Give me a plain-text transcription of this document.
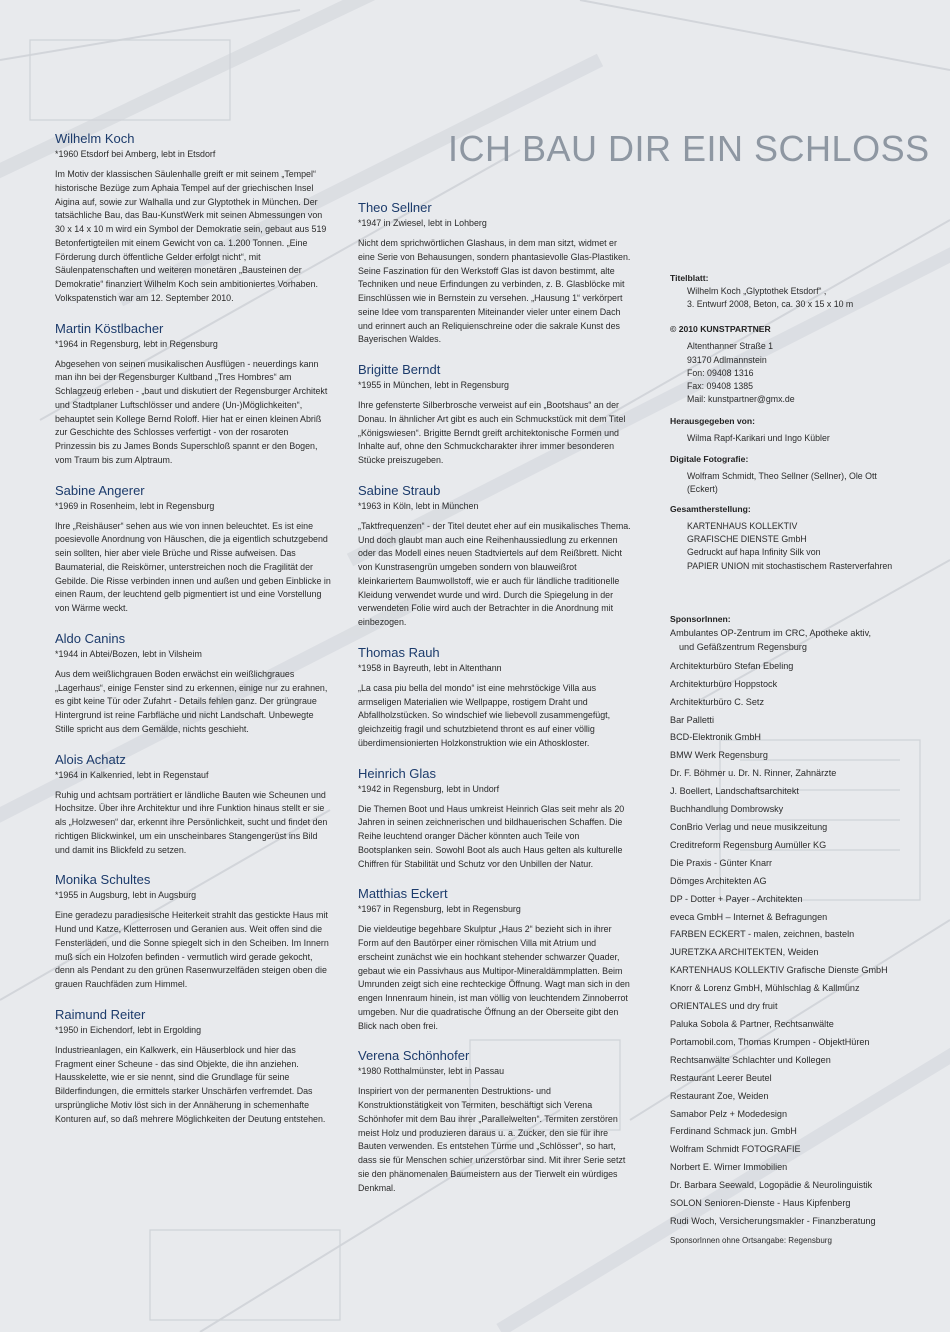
ICH BAU DIR EIN SCHLOSS

Wilhelm Koch

*1960 Etsdorf bei Amberg, lebt in Etsdorf

Im Motiv der klassischen Säulenhalle greift er mit seinem „Tempel“ historische Bezüge zum Aphaia Tempel auf der griechischen Insel Aigina auf, sowie zur Walhalla und zur Glyptothek in München. Der tatsächliche Bau, das Bau-KunstWerk mit seinen Abmessungen von 30 x 14 x 10 m wird ein Symbol der Demokratie sein, gebaut aus 519 Betonfertigteilen mit einem Gewicht von ca. 1.200 Tonnen. „Eine Förderung durch öffentliche Gelder erfolgt nicht“, mit Säulenpatenschaften und weiteren monetären „Bausteinen der Demokratie“ finanziert Wilhelm Koch sein ambitioniertes Vorhaben. Volkspatenstich war am 12. September 2010.

Martin Köstlbacher

*1964 in Regensburg, lebt in Regensburg

Abgesehen von seinen musikalischen Ausflügen - neuerdings kann man ihn bei der Regensburger Kultband „Tres Hombres“ am Schlagzeug erleben - „baut und diskutiert der Regensburger Architekt und Stadtplaner Luftschlösser und andere (Un-)Möglichkeiten“, behauptet sein Kollege Bernd Roloff. Hier hat er einen kleinen Abriß zur Geschichte des Schlosses verfertigt - von der rosaroten Prinzessin bis zu James Bonds Superschloß spannt er den Bogen, vom Traum bis zum Alptraum.

Sabine Angerer

*1969 in Rosenheim, lebt in Regensburg

Ihre „Reishäuser“ sehen aus wie von innen beleuchtet. Es ist eine poesievolle Anordnung von Häuschen, die ja eigentlich schutzgebend sein sollten, hier aber viele Brüche und Risse aufweisen. Das Baumaterial, die Reiskörner, unterstreichen noch die Fragilität der Gebilde. Die Risse verbinden innen und außen und geben Einblicke in einen Raum, der leuchtend gelb pigmentiert ist und eine Vorstellung von Wärme weckt.

Aldo Canins

*1944 in Abtei/Bozen, lebt in Vilsheim

Aus dem weißlichgrauen Boden erwächst ein weißlichgraues „Lagerhaus“, einige Fenster sind zu erkennen, einige nur zu erahnen, es gibt keine Tür oder Zufahrt - Details fehlen ganz. Der grüngraue Hintergrund ist reine Farbfläche und nicht Landschaft. Unbewegte Stille spricht aus dem Gemälde, nichts geschieht.

Alois Achatz

*1964 in Kalkenried, lebt in Regenstauf

Ruhig und achtsam porträtiert er ländliche Bauten wie Scheunen und Hochsitze. Über ihre Architektur und ihre Funktion hinaus stellt er sie als „Holzwesen“ dar, erkennt ihre Persönlichkeit, sucht und findet den richtigen Blickwinkel, um ein unscheinbares Stangengerüst ins Bild und damit ins Blickfeld zu setzen.

Monika Schultes

*1955 in Augsburg, lebt in Augsburg

Eine geradezu paradiesische Heiterkeit strahlt das gestickte Haus mit Hund und Katze, Kletterrosen und Geranien aus. Weit offen sind die Fensterläden, und die Sonne spiegelt sich in den Scheiben. Im Innern muß sich ein Holzofen befinden - vermutlich wird gerade gekocht, denn als Pendant zu den grünen Rasenwurzelfäden steigen oben die grauen Rauchfäden zum Himmel.

Raimund Reiter

*1950 in Eichendorf, lebt in Ergolding

Industrieanlagen, ein Kalkwerk, ein Häuserblock und hier das Fragment einer Scheune - das sind Objekte, die ihn anziehen. Hausskelette, wie er sie nennt, sind die Grundlage für seine Bilderfindungen, die ermittels starker Unschärfen verfremdet. Das ursprüngliche Motiv löst sich in der Annäherung in schemenhafte Konturen auf, so daß mehrere Möglichkeiten der Deutung entstehen.

Theo Sellner

*1947 in Zwiesel, lebt in Lohberg

Nicht dem sprichwörtlichen Glashaus, in dem man sitzt, widmet er eine Serie von Behausungen, sondern phantasievolle Glas-Plastiken. Seine Faszination für den Werkstoff Glas ist davon bestimmt, alte Techniken und neue Erfindungen zu verbinden, z. B. Glasblöcke mit Einschlüssen wie in Bernstein zu versehen. „Hausung 1“ verkörpert seine Idee vom transparenten Miteinander vieler unter einem Dach und erinnert auch an Reliquienschreine oder die sakrale Kunst des Bayerischen Waldes.

Brigitte Berndt

*1955 in München, lebt in Regensburg

Ihre gefensterte Silberbrosche verweist auf ein „Bootshaus“ an der Donau. In ähnlicher Art gibt es auch ein Schmuckstück mit dem Titel „Königswiesen“. Brigitte Berndt greift architektonische Formen und Inhalte auf, ohne den Schmuckcharakter ihrer immer besonderen Stücke preiszugeben.

Sabine Straub

*1963 in Köln, lebt in München

„Taktfrequenzen“ - der Titel deutet eher auf ein musikalisches Thema. Und doch glaubt man auch eine Reihenhaussiedlung zu erkennen oder das Modell eines neuen Stadtviertels auf dem Reißbrett. Nicht von Kunstrasengrün umgeben sondern von blauweißrot kleinkariertem Baumwollstoff, wie er auch für ländliche traditionelle Kleidung verwendet wurde und wird. Durch die Spiegelung in der verwendeten Folie wird auch der Betrachter in die Anordnung mit einbezogen.

Thomas Rauh

*1958 in Bayreuth, lebt in Altenthann

„La casa piu bella del mondo“ ist eine mehrstöckige Villa aus armseligen Materialien wie Wellpappe, rostigem Draht und Abfallholzstücken. So windschief wie liebevoll zusammengefügt, gleichzeitig fragil und schutzbietend thront es auf einer völlig überdimensionierten Holzkonstruktion wie ein Athoskloster.

Heinrich Glas

*1942 in Regensburg, lebt in Undorf

Die Themen Boot und Haus umkreist Heinrich Glas seit mehr als 20 Jahren in seinen zeichnerischen und bildhauerischen Schaffen. Die Reihe leuchtend oranger Dächer könnten auch Teile von Bootsplanken sein. Sowohl Boot als auch Haus gelten als kulturelle Chiffren für Stabilität und Schutz vor den Unbillen der Natur.

Matthias Eckert

*1967 in Regensburg, lebt in Regensburg

Die vieldeutige begehbare Skulptur „Haus 2“ bezieht sich in ihrer Form auf den Bautörper einer römischen Villa mit Atrium und erscheint zunächst wie ein hochkant stehender schwarzer Quader, gebaut wie ein Passivhaus aus Multipor-Mineraldämmplatten. Beim Umrunden zeigt sich eine rechteckige Öffnung. Wagt man sich in den engen Innenraum hinein, ist man völlig von leuchtendem Zinnoberrot umgeben. Nur die quadratische Öffnung an der Oberseite gibt den Blick nach oben frei.

Verena Schönhofer

*1980 Rotthalmünster, lebt in Passau

Inspiriert von der permanenten Destruktions- und Konstruktionstätigkeit von Termiten, beschäftigt sich Verena Schönhofer mit dem Bau ihrer „Parallelwelten“. Termiten zerstören meist Holz und produzieren daraus u. a. Zucker, den sie für ihre Bauten verwenden. Es entstehen Türme und „Schlösser“, so hart, dass sie für Menschen schier unzerstörbar sind. Mit ihrer Serie setzt sie den phänomenalen Baumeistern aus der Tierwelt ein würdiges Denkmal.

Titelblatt:

Wilhelm Koch „Glyptothek Etsdorf“ ,

3. Entwurf 2008, Beton, ca. 30 x 15 x 10 m

© 2010 KUNSTPARTNER

Altenthanner Straße 1

93170 Adlmannstein

Fon: 09408 1316

Fax: 09408 1385

Mail: kunstpartner@gmx.de

Herausgegeben von:

Wilma Rapf-Karikari und Ingo Kübler

Digitale Fotografie:

Wolfram Schmidt, Theo Sellner (Sellner), Ole Ott

(Eckert)

Gesamtherstellung:

KARTENHAUS KOLLEKTIV

GRAFISCHE DIENSTE GmbH

Gedruckt auf hapa Infinity Silk von

PAPIER UNION mit stochastischem Rasterverfahren

SponsorInnen:

Ambulantes OP-Zentrum im CRC, Apotheke aktiv,

und Gefäßzentrum Regensburg

Architekturbüro Stefan Ebeling

Architekturbüro Hoppstock

Architekturbüro C. Setz

Bar Palletti

BCD-Elektronik GmbH

BMW Werk Regensburg

Dr. F. Böhmer u. Dr. N. Rinner, Zahnärzte

J. Boellert, Landschaftsarchitekt

Buchhandlung Dombrowsky

ConBrio Verlag und neue musikzeitung

Creditreform Regensburg Aumüller KG

Die Praxis - Günter Knarr

Dömges Architekten AG

DP - Dotter + Payer - Architekten

eveca GmbH – Internet & Befragungen

FARBEN ECKERT - malen, zeichnen, basteln

JURETZKA ARCHITEKTEN, Weiden

KARTENHAUS KOLLEKTIV Grafische Dienste GmbH

Knorr & Lorenz GmbH, Mühlschlag & Kallmünz

ORIENTALES und dry fruit

Paluka Sobola & Partner, Rechtsanwälte

Portamobil.com, Thomas Krumpen - ObjektHüren

Rechtsanwälte Schlachter und Kollegen

Restaurant Leerer Beutel

Restaurant Zoe, Weiden

Samabor Pelz + Modedesign

Ferdinand Schmack jun. GmbH

Wolfram Schmidt FOTOGRAFIE

Norbert E. Wirner Immobilien

Dr. Barbara Seewald, Logopädie & Neurolinguistik

SOLON Senioren-Dienste - Haus Kipfenberg

Rudi Woch, Versicherungsmakler - Finanzberatung

SponsorInnen ohne Ortsangabe: Regensburg
